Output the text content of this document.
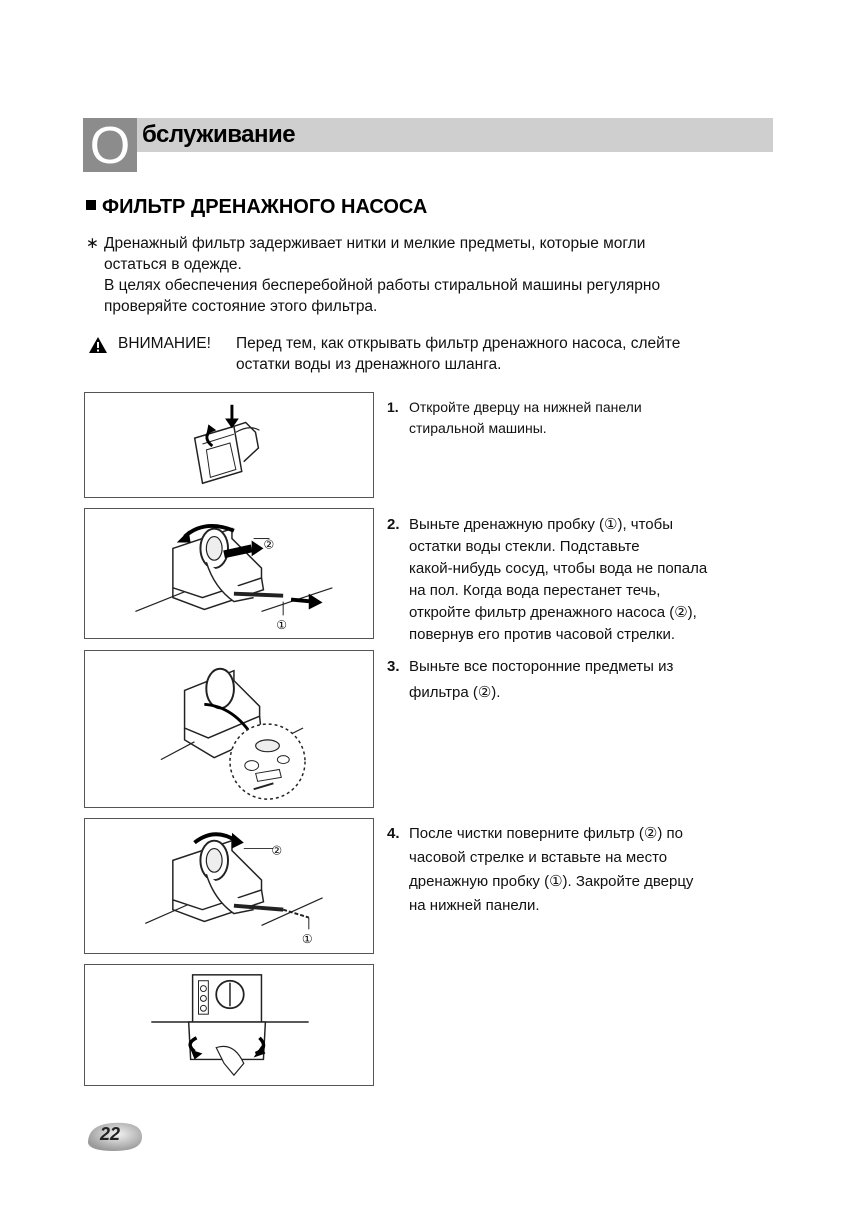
О бслуживание
ФИЛЬТР ДРЕНАЖНОГО НАСОСА
∗ Дренажный фильтр задерживает нитки и мелкие предметы, которые могли
остаться в одежде.
В целях обеспечения бесперебойной работы стиральной машины регулярно
проверяйте состояние этого фильтра.
ВНИМАНИЕ! Перед тем, как открывать фильтр дренажного насоса, слейте
остатки воды из дренажного шланга.
②
①
②
①
1. Откройте дверцу на нижней панели
стиральной машины.
2. Выньте дренажную пробку (①), чтобы
остатки воды стекли. Подставьте
какой-нибудь сосуд, чтобы вода не попала
на пол. Когда вода перестанет течь,
откройте фильтр дренажного насоса (②),
повернув его против часовой стрелки.
3. Выньте все посторонние предметы из
фильтра (②).
4. После чистки поверните фильтр (②) по
часовой стрелке и вставьте на место
дренажную пробку (①). Закройте дверцу
на нижней панели.
22
